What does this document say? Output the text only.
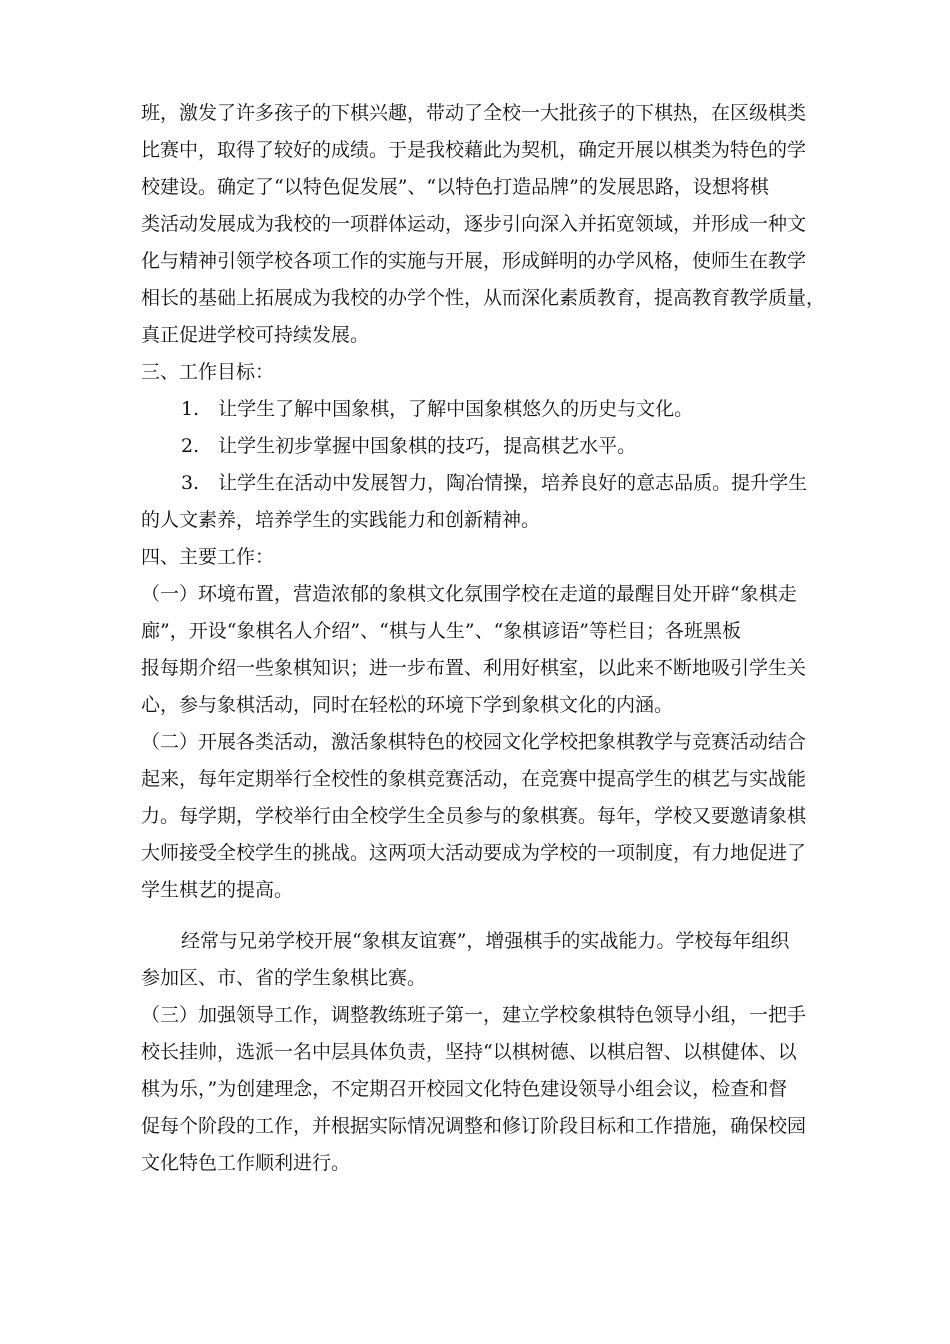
班，激发了许多孩子的下棋兴趣，带动了全校一大批孩子的下棋热，在区级棋类
比赛中，取得了较好的成绩。于是我校藉此为契机，确定开展以棋类为特色的学
校建设。确定了“以特色促发展”、“以特色打造品牌”的发展思路，设想将棋
类活动发展成为我校的一项群体运动，逐步引向深入并拓宽领域，并形成一种文
化与精神引领学校各项工作的实施与开展，形成鲜明的办学风格，使师生在教学
相长的基础上拓展成为我校的办学个性，从而深化素质教育，提高教育教学质量，
真正促进学校可持续发展。
三、工作目标：
1.　让学生了解中国象棋，了解中国象棋悠久的历史与文化。
2.　让学生初步掌握中国象棋的技巧，提高棋艺水平。
3.　让学生在活动中发展智力，陶冶情操，培养良好的意志品质。提升学生
的人文素养，培养学生的实践能力和创新精神。
四、主要工作：
（一）环境布置，营造浓郁的象棋文化氛围学校在走道的最醒目处开辟“象棋走
廊”，开设“象棋名人介绍”、“棋与人生”、“象棋谚语”等栏目；各班黑板
报每期介绍一些象棋知识；进一步布置、利用好棋室，以此来不断地吸引学生关
心，参与象棋活动，同时在轻松的环境下学到象棋文化的内涵。
（二）开展各类活动，激活象棋特色的校园文化学校把象棋教学与竞赛活动结合
起来，每年定期举行全校性的象棋竞赛活动，在竞赛中提高学生的棋艺与实战能
力。每学期，学校举行由全校学生全员参与的象棋赛。每年，学校又要邀请象棋
大师接受全校学生的挑战。这两项大活动要成为学校的一项制度，有力地促进了
学生棋艺的提高。
经常与兄弟学校开展“象棋友谊赛”，增强棋手的实战能力。学校每年组织
参加区、市、省的学生象棋比赛。
（三）加强领导工作，调整教练班子第一，建立学校象棋特色领导小组，一把手
校长挂帅，选派一名中层具体负责，坚持“以棋树德、以棋启智、以棋健体、以
棋为乐，”为创建理念，不定期召开校园文化特色建设领导小组会议，检查和督
促每个阶段的工作，并根据实际情况调整和修订阶段目标和工作措施，确保校园
文化特色工作顺利进行。
